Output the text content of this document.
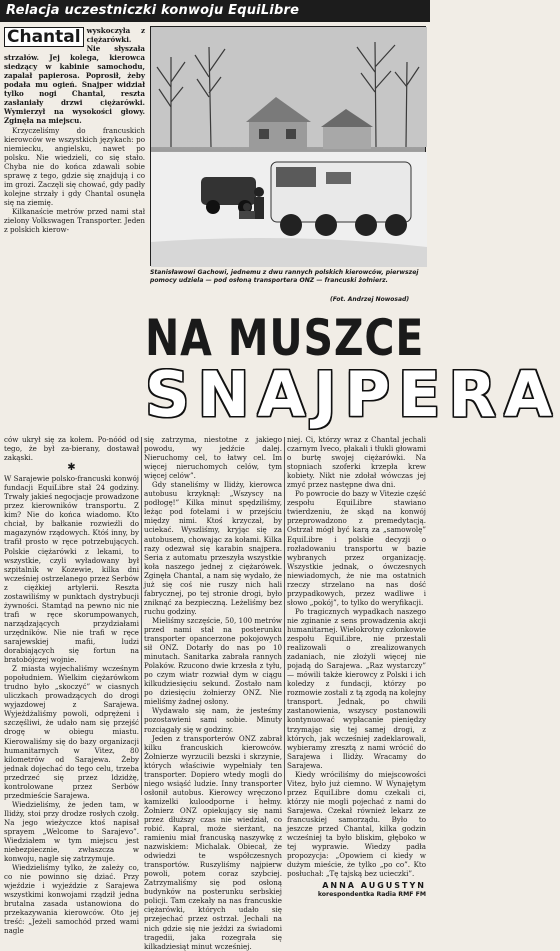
Relacja uczestniczki konwoju EquiLibre

Chantal wyskoczyła z ciężarówki. Nie słyszała strzałów. Jej kolega, kierowca siedzący w kabinie samochodu, zapalał papierosa. Poprosił, żeby podała mu ogień. Snajper widział tylko nogi Chantal, reszta zasłaniały drzwi ciężarówki. Wymierzył na wysokości głowy. Zginęła na miejscu.

Krzyczeliśmy do francuskich kierowców we wszystkich językach: po niemiecku, angielsku, nawet po polsku. Nie wiedzieli, co się stało. Chyba nie do końca zdawali sobie sprawę z tego, gdzie się znajdują i co im grozi. Zaczęli się chować, gdy padły kolejne strzały i gdy Chantal osunęła się na ziemię.

Kilkanaście metrów przed nami stał zielony Volkswagen Transporter. Jeden z polskich kierow-

Stanisławowi Gachowi, jednemu z dwu rannych polskich kierowców, pierwszej pomocy udziela — pod osłoną transportera ONZ — francuski żołnierz.
(Fot. Andrzej Nowosad)
NA MUSZCE
SNAJPERA

ców ukrył się za kołem. Po-nóód od tego, że był za-bierany, dostawał zakąski.

✱

W Sarajewie polsko-francuski konwój fundacji EquiLibre stał 24 godziny. Trwały jakieś negocjacje prowadzone przez kierowników transportu. Z kim? Nie do końca wiadomo. Kto chciał, by bałkanie rozwieźli do magazynów rządowych. Któś inny, by trafił prosto w ręce potrzebujących. Polskie ciężarówki z lekami, to wszystkie, czyli wyładowany był szpitalnik w Kozewie, kilka dni wcześniej ostrzelanego przez Serbów z ciężkiej artylerii. Reszta zostawiliśmy w punktach dystrybucji żywności. Stamtąd na pewno nic nie trafi w ręce skorumpowanych, narządzających przydziałami urzędników. Nie nie trafi w ręce sarajewskiej mafii, ludzi dorabiających się fortun na bratobójczej wojnie.

Z miasta wyjechaliśmy wcześnym popołudniem. Wielkim ciężarówkom trudno było „skoczyć” w ciasnych uliczkach prowadzących do drogi wyjazdowej z Sarajewa. Wyjeżdżaliśmy powoli, odprężeni i szczęśliwi, że udało nam się przejść drogę w obiegu miastu. Kierowaliśmy się do bazy organizacji humanitarnych w Vitez, 80 kilometrów od Sarajewa. Żeby jednak dojechać do tego celu, trzeba przedrzeć się przez ldzidżę, kontrolowane przez Serbów przedmieście Sarajewa.

Wiedzieliśmy, że jeden tam, w Ilidży, stoi przy drodze rosłych czołg. Na jego wieżyczce ktoś napisał sprayem „Welcome to Sarajevo”. Wiedziałem w tym miejscu jest niebezpiecznie, zwłaszcza w konwoju, nagle się zatrzymuje.

Wiedzieliśmy tylko, że zależy co, co nie powinno się dziać. Przy wjeździe i wyjeździe z Sarajewa wszystkimi konwojami rządził jedna brutalna zasada ustanowiona do przekazywania kierowców. Oto jej treść: „Jeżeli samochód przed wami nagle

się zatrzyma, niestotne z jakiego powodu, wy jedźcie dalej. Nieruchomy cel, to łatwy cel. Im więcej nieruchomych celów, tym więcej celów”.

Gdy staneliśmy w Ilidży, kierowca autobusu krzyknął: „Wszyscy na podłogę!” Kilka minut spędziliśmy, leżąc pod fotelami i w przejściu między nimi. Ktoś krzyczał, by uciekać. Wyszliśmy, kryjąc się za autobusem, chowając za kołami. Kilka razy odezwał się karabin snajpera. Seria z automatu przeszyła wszystkie koła naszego jednej z ciężarówek. Zginęła Chantal, a nam się wydało, że już się coś nie ruszy nich hali fabrycznej, po tej stronie drogi, było zniknąć za bezpieczną. Leżeliśmy bez ruchu godziny.

Mieliśmy szczęście, 50, 100 metrów przed nami stał na posterunku transporter opancerzone pokojowych sił ONZ. Dotarły do nas po 10 minutach. Sanitarka zabrała rannych Polaków. Rzucono dwie krzesła z tyłu, po czym wiatr rozwiał dym w ciągu kilkudziesięciu sekund. Zostało nam po dziesięciu żołnierzy ONZ. Nie mieliśmy żadnej osłony.

Wydawało się nam, że jesteśmy pozostawieni sami sobie. Minuty rozciągały się w godziny.

Jeden z transporterów ONZ zabrał kilku francuskich kierowców. Żołnierze wyrzucili bezski i skrzynie, których właściwie wypełniały ten transporter. Dopiero wtedy mogli do niego wsiąść ludzie. Inny transporter osłonił autobus. Kierowcy wręczono kamizelki kuloodporne i hełmy. Żołnierz ONZ opiekujący się nami przez dłuższy czas nie wiedział, co robić. Kapral, może sierżant, na ramieniu miał francuską naszywkę z nazwiskiem: Michalak. Obiecał, że odwiedzi te współczesnych transportów. Ruszyliśmy najpierw powoli, potem coraz szybciej. Zatrzymaliśmy się pod osłoną budynków na posterunku serbskiej policji. Tam czekały na nas francuskie ciężarówki, których udało się przejechać przez ostrzał. Jechali na nich gdzie się nie jeździ za świadomi tragedii, jaka rozegrała się kilkadziesiąt minut wcześniej.

niej. Ci, którzy wraz z Chantal jechali czarnym Iveco, płakali i tłukli głowami o burtę swojej ciężarówki. Na stopniach szoferki krzepła krew kobiety. Nikt nie zdołał wówczas jej zmyć przez następne dwa dni.

Po powrocie do bazy w Vitezie część zespołu EquiLibre stawiano twierdzeniu, że skąd na konwój przeprowadzono z premedytacją. Ostrzał mógł być karą za „samowolę” EquiLibre i polskie decyzji o rozładowaniu transportu w bazie wybranych przez organizację. Wszystkie jednak, o ówczesnych niewiadomych, że nie ma ostatnich rzeczy strzelano na nas dość przypadkowych, przez wadliwe i słowo „pokój”, to tylko do weryfikacji.

Po tragicznych wypadkach naszego nie zginanie z sens prowadzenia akcji humanitarnej. Wielokrotny członkowie zespołu EquiLibre, nie przestali realizowali o zrealizowanych zadaniach, nie złożyli więcej nie pojadą do Sarajewa. „Raz wystarczy” — mówili także kierowcy z Polski i ich koledzy z fundacji, którzy po rozmowie zostali z tą zgodą na kolejny transport. Jednak, po chwili zastanowienia, wszyscy postanowili kontynuować wypłacanie pieniędzy trzymając się tej samej drogi, z których, jak wcześniej zadeklarowali, wybieramy zresztą z nami wrócić do Sarajewa i Ilidży. Wracamy do Sarajewa.

Kiedy wróciliśmy do miejscowości Vitez, było już ciemno. W Wynajętym przez EquiLibre domu czekali ci, którzy nie mogli pojechać z nami do Sarajewa. Czekał również lekarz ze francuskiej samorządu. Było to jeszcze przed Chantal, kilka godzin wcześniej ta było bliskim, głęboko w tej wyprawie. Wiedzy padła propozycja: „Opowiem ci kiedy w dużym mieście, że tylko „po co”. Kto posłuchał: „Tę tajską bez ucieczki”.

ANNA AUGUSTYN
korespondentka Radia RMF FM
